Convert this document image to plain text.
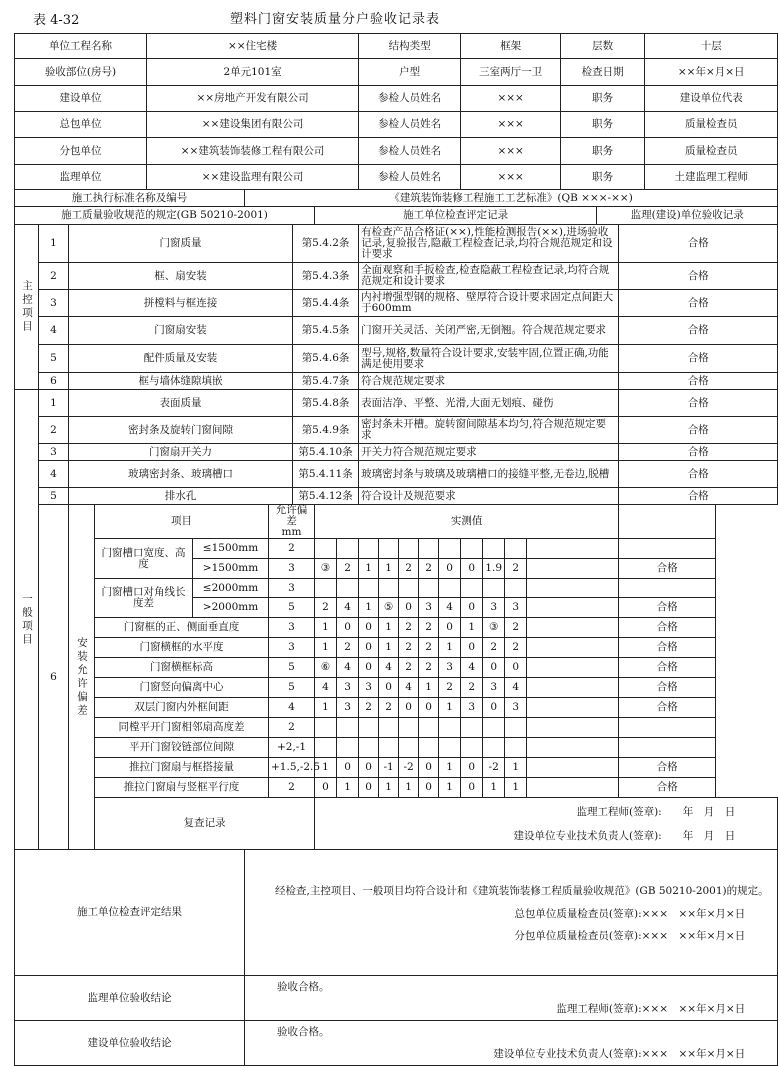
表 4-32	塑料门窗安装质量分户验收记录表
单位工程名称				××住宅楼							结构类型					框架				层数			十层
验收部位(房号)				2单元101室							户型					三室两厅一卫				检查日期			××年×月×日
建设单位				××房地产开发有限公司							参检人员姓名					×××				职务			建设单位代表
总包单位				××建设集团有限公司							参检人员姓名					×××				职务			质量检查员
分包单位				××建筑装饰装修工程有限公司							参检人员姓名					×××				职务			质量检查员
监理单位				××建设监理有限公司							参检人员姓名					×××				职务			土建监理工程师
施工执行标准名称及编号						《建筑装饰装修工程施工工艺标准》(QB ×××-××)																	
施工质量验收规范的规定(GB 50210-2001)									施工单位检查评定记录												监理(建设)单位验收记录		
主控项目	1	门窗质量						第5.4.2条			有检查产品合格证(××),性能检测报告(××),进场验收记录,复验报告,隐蔽工程检查记录,均符合规范规定和设计要求											合格	
	2	框、扇安装						第5.4.3条			全面观察和手扳检查,检查隐蔽工程检查记录,均符合规范规定和设计要求											合格	
	3	拼樘料与框连接						第5.4.4条			内衬增强型钢的规格、壁厚符合设计要求固定点间距大于600mm											合格	
	4	门窗扇安装						第5.4.5条			门窗开关灵活、关闭严密,无倒翘。符合规范规定要求											合格	
	5	配件质量及安装						第5.4.6条			型号,规格,数量符合设计要求,安装牢固,位置正确,功能满足使用要求											合格	
	6	框与墙体缝隙填嵌						第5.4.7条			符合规范规定要求											合格	
一般项目	1	表面质量						第5.4.8条			表面洁净、平整、光滑,大面无划痕、碰伤											合格	
	2	密封条及旋转门窗间隙						第5.4.9条			密封条未开槽。旋转窗间隙基本均匀,符合规范规定要求											合格	
	3	门窗扇开关力						第5.4.10条			开关力符合规范规定要求											合格	
	4	玻璃密封条、玻璃槽口						第5.4.11条			玻璃密封条与玻璃及玻璃槽口的接缝平整,无卷边,脱槽											合格	
	5	排水孔						第5.4.12条			符合设计及规范要求											合格	
	6	安装允许偏差	项目				允许偏差
mm		实测值														
			门窗槽口宽度、高度		≤1500mm		2																
					>1500mm		3		③	2	1	1	2	2	0	0	1.9	2				合格	
			门窗槽口对角线长度差		≤2000mm		3																
					>2000mm		5		2	4	1	⑤	0	3	4	0	3	3				合格	
			门窗框的正、侧面垂直度				3		1	0	0	1	2	2	0	1	③	2				合格	
			门窗横框的水平度				3		1	2	0	1	2	2	1	0	2	2				合格	
			门窗横框标高				5		⑥	4	0	4	2	2	3	4	0	0				合格	
			门窗竖向偏离中心				5		4	3	3	0	4	1	2	2	3	4				合格	
			双层门窗内外框间距				4		1	3	2	2	0	0	1	3	0	3				合格	
			同樘平开门窗相邻扇高度差				2																
			平开门窗铰链部位间隙				+2,-1																
			推拉门窗扇与框搭接量				+1.5,-2.5		1	0	0	-1	-2	0	1	0	-2	1				合格	
			推拉门窗扇与竖框平行度				2		0	1	0	1	1	0	1	0	1	1				合格	
			复查记录						监理工程师(签章):　　 年　月　日
建设单位专业技术负责人(签章):　　 年　月　日														

施工单位检查评定结果						经检查,主控项目、一般项目均符合设计和《建筑装饰装修工程质量验收规范》(GB 50210-2001)的规定。
总包单位质量检查员(签章):×××　××年×月×日
分包单位质量检查员(签章):×××　××年×月×日																	

监理单位验收结论						验收合格。
监理工程师(签章):×××　××年×月×日																	

建设单位验收结论						验收合格。
建设单位专业技术负责人(签章):×××　××年×月×日																	
